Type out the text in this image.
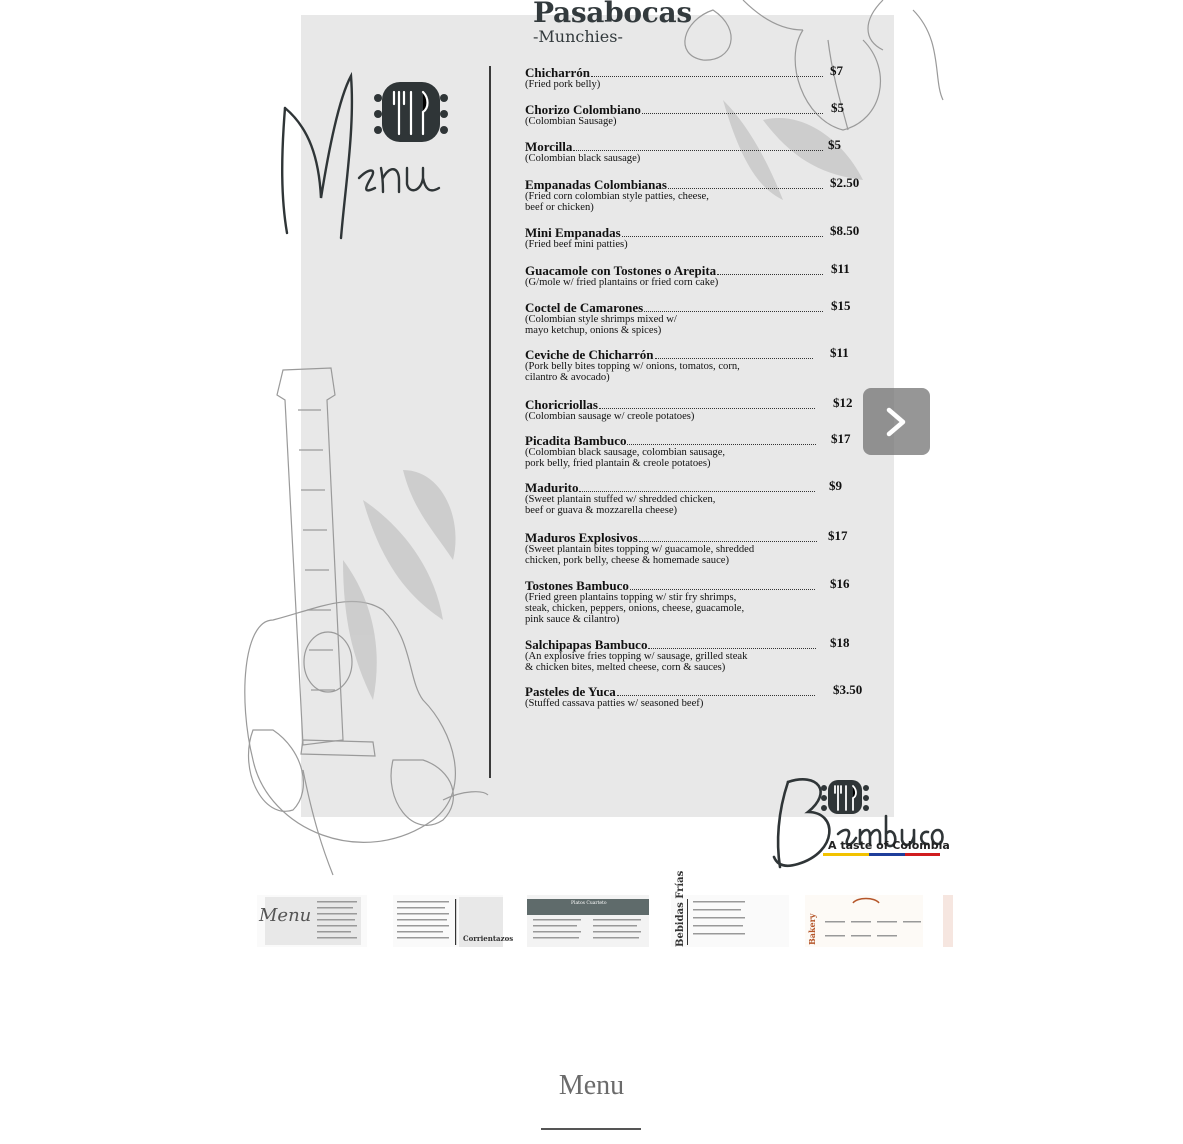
Pasabocas

-Munchies-

Chicharrón	$7
(Fried pork belly)
Chorizo Colombiano	$5
(Colombian Sausage)
Morcilla	$5
(Colombian black sausage)
Empanadas Colombianas	$2.50
(Fried corn colombian style patties, cheese,
beef or chicken)
Mini Empanadas	$8.50
(Fried beef mini patties)
Guacamole con Tostones o Arepita	$11
(G/mole w/ fried plantains or fried corn cake)
Coctel de Camarones	$15
(Colombian style shrimps mixed w/
mayo ketchup, onions & spices)
Ceviche de Chicharrón	$11
(Pork belly bites topping w/ onions, tomatos, corn,
cilantro & avocado)
Choricriollas	$12
(Colombian sausage w/ creole potatoes)
Picadita Bambuco	$17
(Colombian black sausage, colombian sausage,
pork belly, fried plantain & creole potatoes)
Madurito	$9
(Sweet plantain stuffed w/ shredded chicken,
beef or guava & mozzarella cheese)
Maduros Explosivos	$17
(Sweet plantain bites topping w/ guacamole, shredded
chicken, pork belly, cheese & homemade sauce)
Tostones Bambuco	$16
(Fried green plantains topping w/ stir fry shrimps,
steak, chicken, peppers, onions, cheese, guacamole,
pink sauce & cilantro)
Salchipapas Bambuco	$18
(An explosive fries topping w/ sausage, grilled steak
& chicken bites, melted cheese, corn & sauces)
Pasteles de Yuca	$3.50
(Stuffed cassava patties w/ seasoned beef)
A taste of Colombia
Menu
Corrientazos
Platos Cuarteto	Bebidas Frías	Bakery
Menu
